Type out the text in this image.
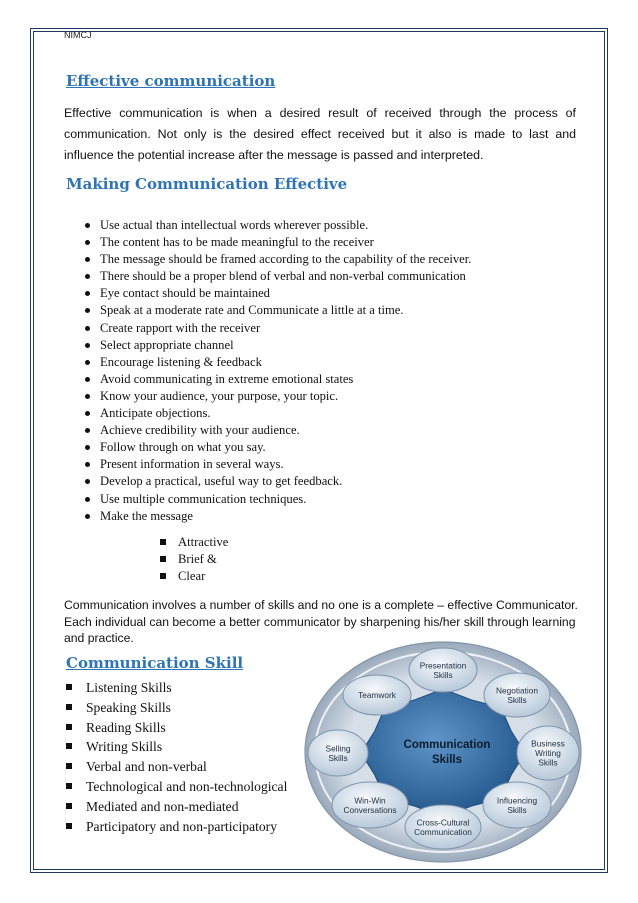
NIMCJ
Effective communication
Effective communication is when a desired result of received through the process of communication. Not only is the desired effect received but it also is made to last and influence the potential increase after the message is passed and interpreted.
Making Communication Effective
Use actual than intellectual words wherever possible.
The content has to be made meaningful to the receiver
The message should be framed according to the capability of the receiver.
There should be a proper blend of verbal and non-verbal communication
Eye contact should be maintained
Speak at a moderate rate and Communicate a little at a time.
Create rapport with the receiver
Select appropriate channel
Encourage listening & feedback
Avoid communicating in extreme emotional states
Know your audience, your purpose, your topic.
Anticipate objections.
Achieve credibility with your audience.
Follow through on what you say.
Present information in several ways.
Develop a practical, useful way to get feedback.
Use multiple communication techniques.
Make the message
Attractive
Brief &
Clear
Communication involves a number of skills and no one is a complete – effective Communicator. Each individual can become a better communicator by sharpening his/her skill through learning and practice.
Communication Skill
Listening Skills
Speaking Skills
Reading Skills
Writing Skills
Verbal and non-verbal
Technological and non-technological
Mediated and non-mediated
Participatory and non-participatory
Presentation
Skills
Negotiation
Skills
Business
Writing
Skills
Influencing
Skills
Cross-Cultural
Communication
Win-Win
Conversations
Selling
Skills
Teamwork
Communication
Skills
